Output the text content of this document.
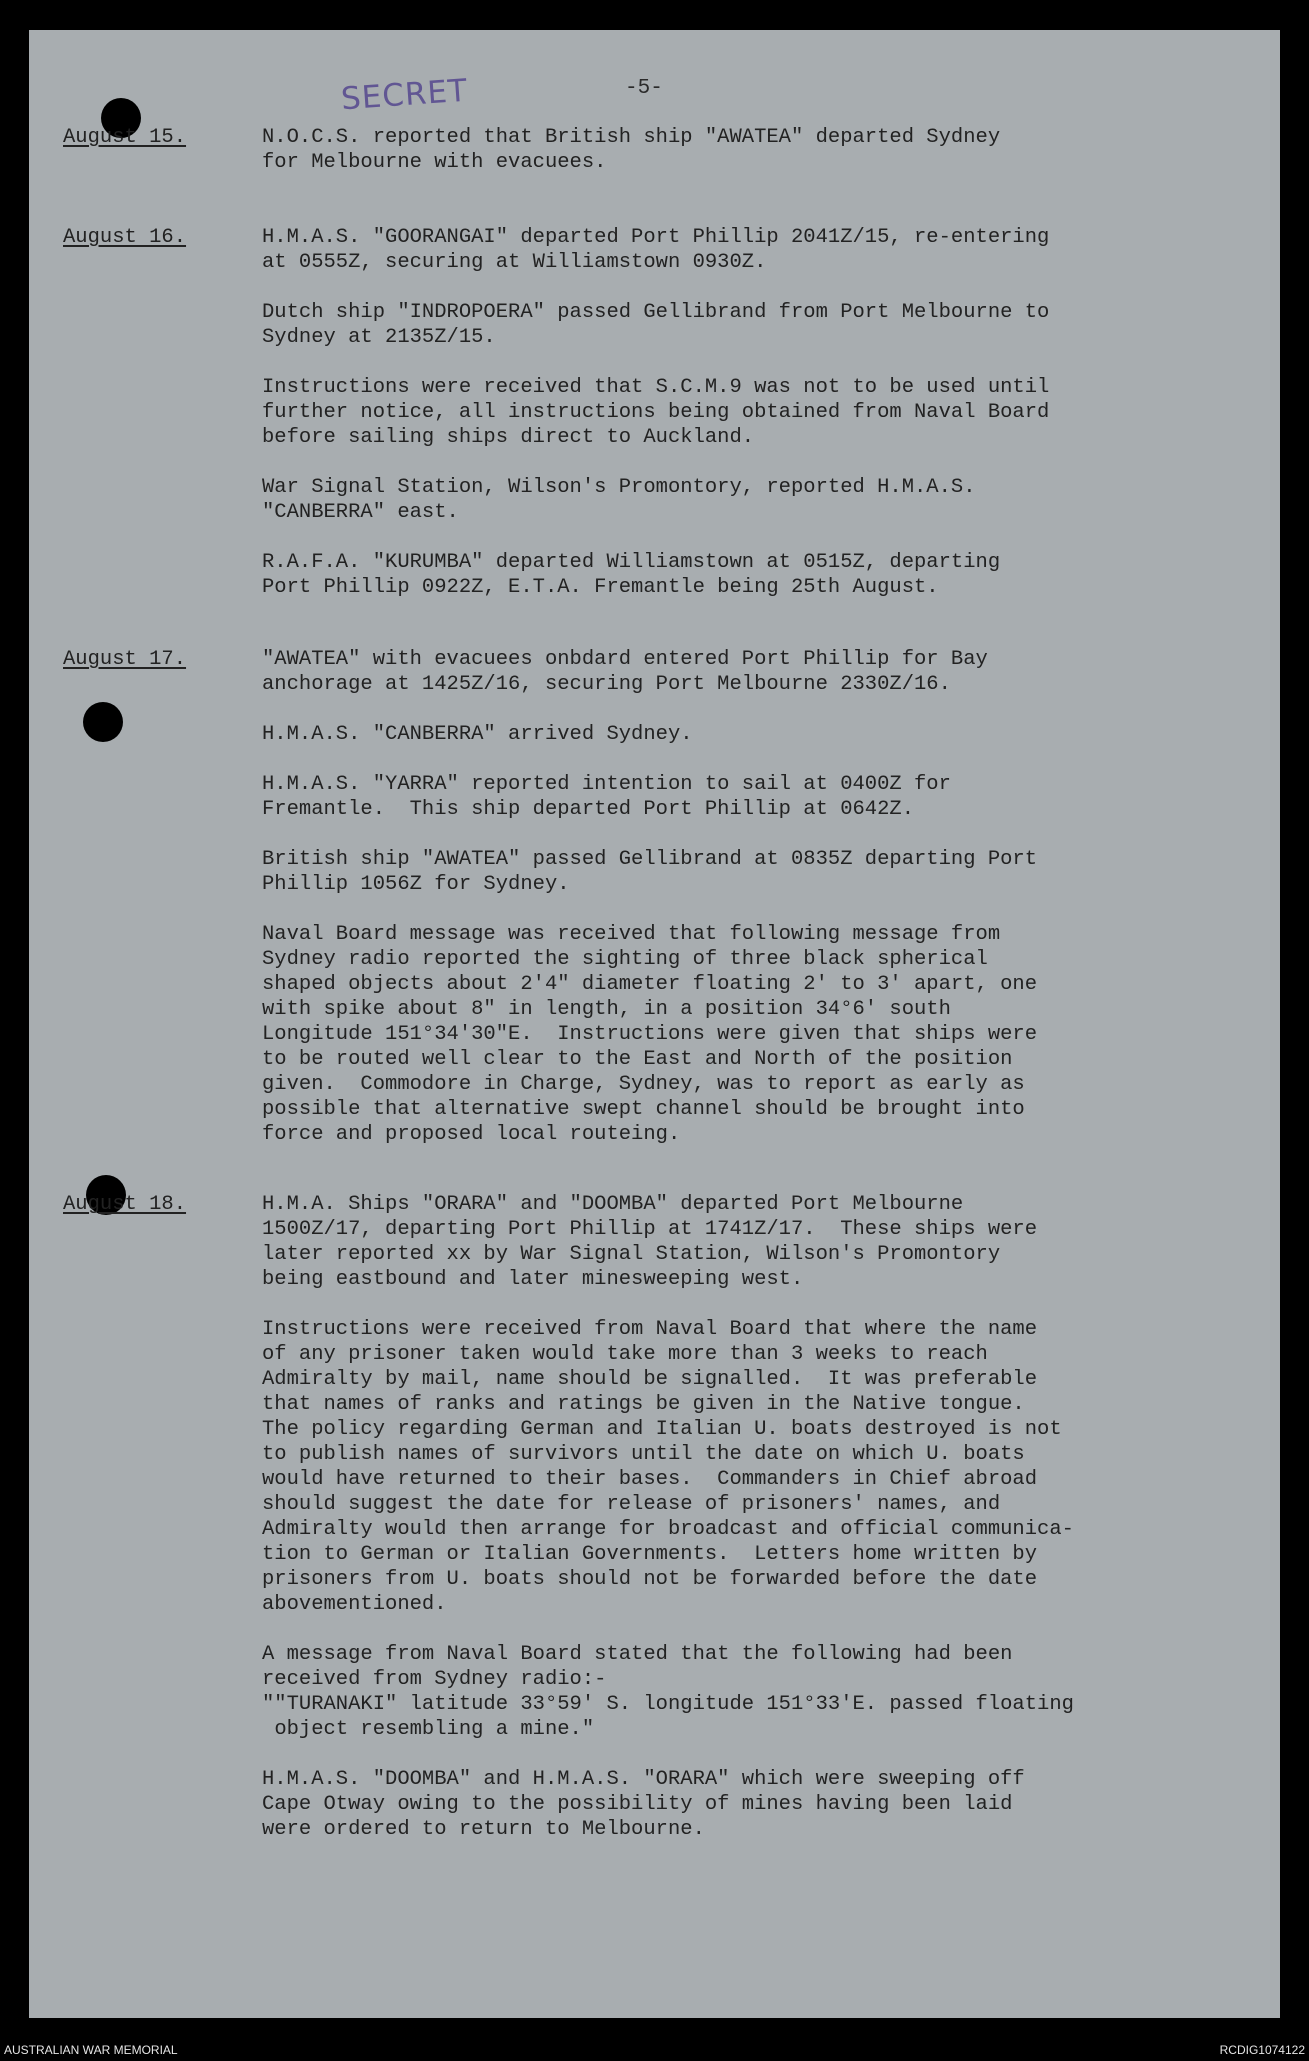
SECRET	-5-
August 15.	N.O.C.S. reported that British ship "AWATEA" departed Sydney
for Melbourne with evacuees.

August 16.	H.M.A.S. "GOORANGAI" departed Port Phillip 2041Z/15, re-entering
at 0555Z, securing at Williamstown 0930Z.

Dutch ship "INDROPOERA" passed Gellibrand from Port Melbourne to
Sydney at 2135Z/15.

Instructions were received that S.C.M.9 was not to be used until
further notice, all instructions being obtained from Naval Board
before sailing ships direct to Auckland.

War Signal Station, Wilson's Promontory, reported H.M.A.S.
"CANBERRA" east.

R.A.F.A. "KURUMBA" departed Williamstown at 0515Z, departing
Port Phillip 0922Z, E.T.A. Fremantle being 25th August.

August 17.	"AWATEA" with evacuees onbdard entered Port Phillip for Bay
anchorage at 1425Z/16, securing Port Melbourne 2330Z/16.

H.M.A.S. "CANBERRA" arrived Sydney.

H.M.A.S. "YARRA" reported intention to sail at 0400Z for
Fremantle.  This ship departed Port Phillip at 0642Z.

British ship "AWATEA" passed Gellibrand at 0835Z departing Port
Phillip 1056Z for Sydney.

Naval Board message was received that following message from
Sydney radio reported the sighting of three black spherical
shaped objects about 2'4" diameter floating 2' to 3' apart, one
with spike about 8" in length, in a position 34°6' south
Longitude 151°34'30"E.  Instructions were given that ships were
to be routed well clear to the East and North of the position
given.  Commodore in Charge, Sydney, was to report as early as
possible that alternative swept channel should be brought into
force and proposed local routeing.

August 18.	H.M.A. Ships "ORARA" and "DOOMBA" departed Port Melbourne
1500Z/17, departing Port Phillip at 1741Z/17.  These ships were
later reported xx by War Signal Station, Wilson's Promontory
being eastbound and later minesweeping west.

Instructions were received from Naval Board that where the name
of any prisoner taken would take more than 3 weeks to reach
Admiralty by mail, name should be signalled.  It was preferable
that names of ranks and ratings be given in the Native tongue.
The policy regarding German and Italian U. boats destroyed is not
to publish names of survivors until the date on which U. boats
would have returned to their bases.  Commanders in Chief abroad
should suggest the date for release of prisoners' names, and
Admiralty would then arrange for broadcast and official communica-
tion to German or Italian Governments.  Letters home written by
prisoners from U. boats should not be forwarded before the date
abovementioned.

A message from Naval Board stated that the following had been
received from Sydney radio:-
""TURANAKI" latitude 33°59' S. longitude 151°33'E. passed floating
object resembling a mine."

H.M.A.S. "DOOMBA" and H.M.A.S. "ORARA" which were sweeping off
Cape Otway owing to the possibility of mines having been laid
were ordered to return to Melbourne.

AUSTRALIAN WAR MEMORIAL	RCDIG1074122
